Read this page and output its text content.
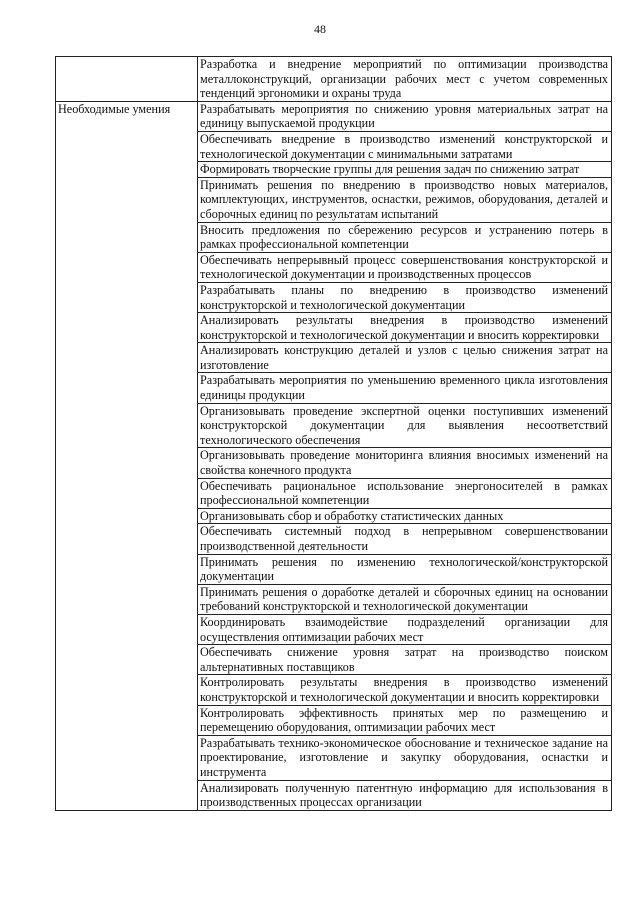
48
	Разработка и внедрение мероприятий по оптимизации производства металлоконструкций, организации рабочих мест с учетом современных тенденций эргономики и охраны труда
Необходимые умения	Разрабатывать мероприятия по снижению уровня материальных затрат на единицу выпускаемой продукции
	Обеспечивать внедрение в производство изменений конструкторской и технологической документации с минимальными затратами
	Формировать творческие группы для решения задач по снижению затрат
	Принимать решения по внедрению в производство новых материалов, комплектующих, инструментов, оснастки, режимов, оборудования, деталей и сборочных единиц по результатам испытаний
	Вносить предложения по сбережению ресурсов и устранению потерь в рамках профессиональной компетенции
	Обеспечивать непрерывный процесс совершенствования конструкторской и технологической документации и производственных процессов
	Разрабатывать планы по внедрению в производство изменений конструкторской и технологической документации
	Анализировать результаты внедрения в производство изменений конструкторской и технологической документации и вносить корректировки
	Анализировать конструкцию деталей и узлов с целью снижения затрат на изготовление
	Разрабатывать мероприятия по уменьшению временного цикла изготовления единицы продукции
	Организовывать проведение экспертной оценки поступивших изменений конструкторской документации для выявления несоответствий технологического обеспечения
	Организовывать проведение мониторинга влияния вносимых изменений на свойства конечного продукта
	Обеспечивать рациональное использование энергоносителей в рамках профессиональной компетенции
	Организовывать сбор и обработку статистических данных
	Обеспечивать системный подход в непрерывном совершенствовании производственной деятельности
	Принимать решения по изменению технологической/конструкторской документации
	Принимать решения о доработке деталей и сборочных единиц на основании требований конструкторской и технологической документации
	Координировать взаимодействие подразделений организации для осуществления оптимизации рабочих мест
	Обеспечивать снижение уровня затрат на производство поиском альтернативных поставщиков
	Контролировать результаты внедрения в производство изменений конструкторской и технологической документации и вносить корректировки
	Контролировать эффективность принятых мер по размещению и перемещению оборудования, оптимизации рабочих мест
	Разрабатывать технико-экономическое обоснование и техническое задание на проектирование, изготовление и закупку оборудования, оснастки и инструмента
	Анализировать полученную патентную информацию для использования в производственных процессах организации
